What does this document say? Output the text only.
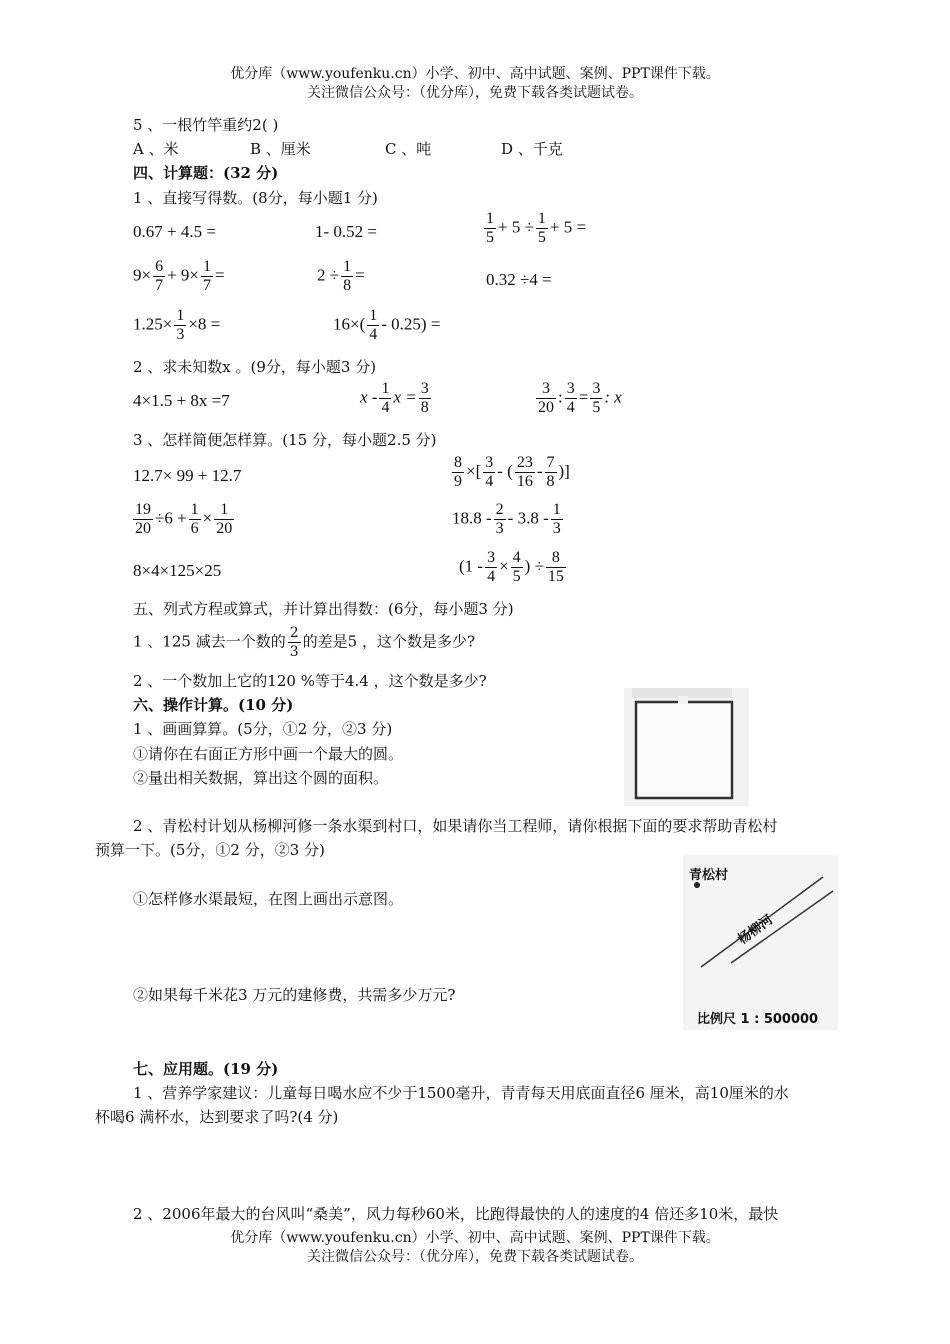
优分库（www.youfenku.cn）小学、初中、高中试题、案例、PPT课件下载。
关注微信公众号：（优分库），免费下载各类试题试卷。
5 、一根竹竿重约2( )
A 、米	B 、厘米	C 、吨	D 、千克
四、计算题：(32 分)
1 、直接写得数。(8分，每小题1 分)
0.67 + 4.5 =	1- 0.52 =	$\frac{1}{5} + 5 \div \frac{1}{5} + 5$ =
$9\times \frac{6}{7} + 9\times \frac{1}{7}$ =	$2 \div \frac{1}{8}$ =	0.32 ÷4 =
$1.25\times \frac{1}{3} \times 8$ =	$16\times( \frac{1}{4} - 0.25)$ =
2 、求未知数x 。(9分，每小题3 分)
4×1.5 + 8x =7	x - $\frac{1}{4}$ $x = \frac{3}{8}$	$\frac{3}{20}$ : $\frac{3}{4} = \frac{3}{5}$ : x
3 、怎样简便怎样算。(15 分，每小题2.5 分)
12.7× 99 + 12.7	$\frac{8}{9}$ ×[ $\frac{3}{4}$ - ( $\frac{23}{16} - \frac{7}{8}$ )]
$\frac{19}{20} \div 6 + \frac{1}{6} \times \frac{1}{20}$	$18.8 - \frac{2}{3} - 3.8 - \frac{1}{3}$
8×4×125×25	($1 - \frac{3}{4} \times \frac{4}{5}$ ) ÷ $\frac{8}{15}$
五、列式方程或算式，并计算出得数：(6分，每小题3 分)
1 、125 减去一个数的 $\frac{2}{3}$ 的差是5 ，这个数是多少?
2 、一个数加上它的120 %等于4.4 ，这个数是多少?
六、操作计算。(10 分)
1 、画画算算。(5分，①2 分，②3 分)
①请你在右面正方形中画一个最大的圆。
②量出相关数据，算出这个圆的面积。
2 、青松村计划从杨柳河修一条水渠到村口，如果请你当工程师，请你根据下面的要求帮助青松村
预算一下。(5分，①2 分，②3 分)
①怎样修水渠最短，在图上画出示意图。
②如果每千米花3 万元的建修费，共需多少万元?
青松村
杨柳河
比例尺 1 : 500000
七、应用题。(19 分)
1 、营养学家建议：儿童每日喝水应不少于1500毫升，青青每天用底面直径6 厘米，高10厘米的水
杯喝6 满杯水，达到要求了吗?(4 分)
2 、2006年最大的台风叫“桑美”，风力每秒60米，比跑得最快的人的速度的4 倍还多10米，最快
优分库（www.youfenku.cn）小学、初中、高中试题、案例、PPT课件下载。
关注微信公众号：（优分库），免费下载各类试题试卷。
